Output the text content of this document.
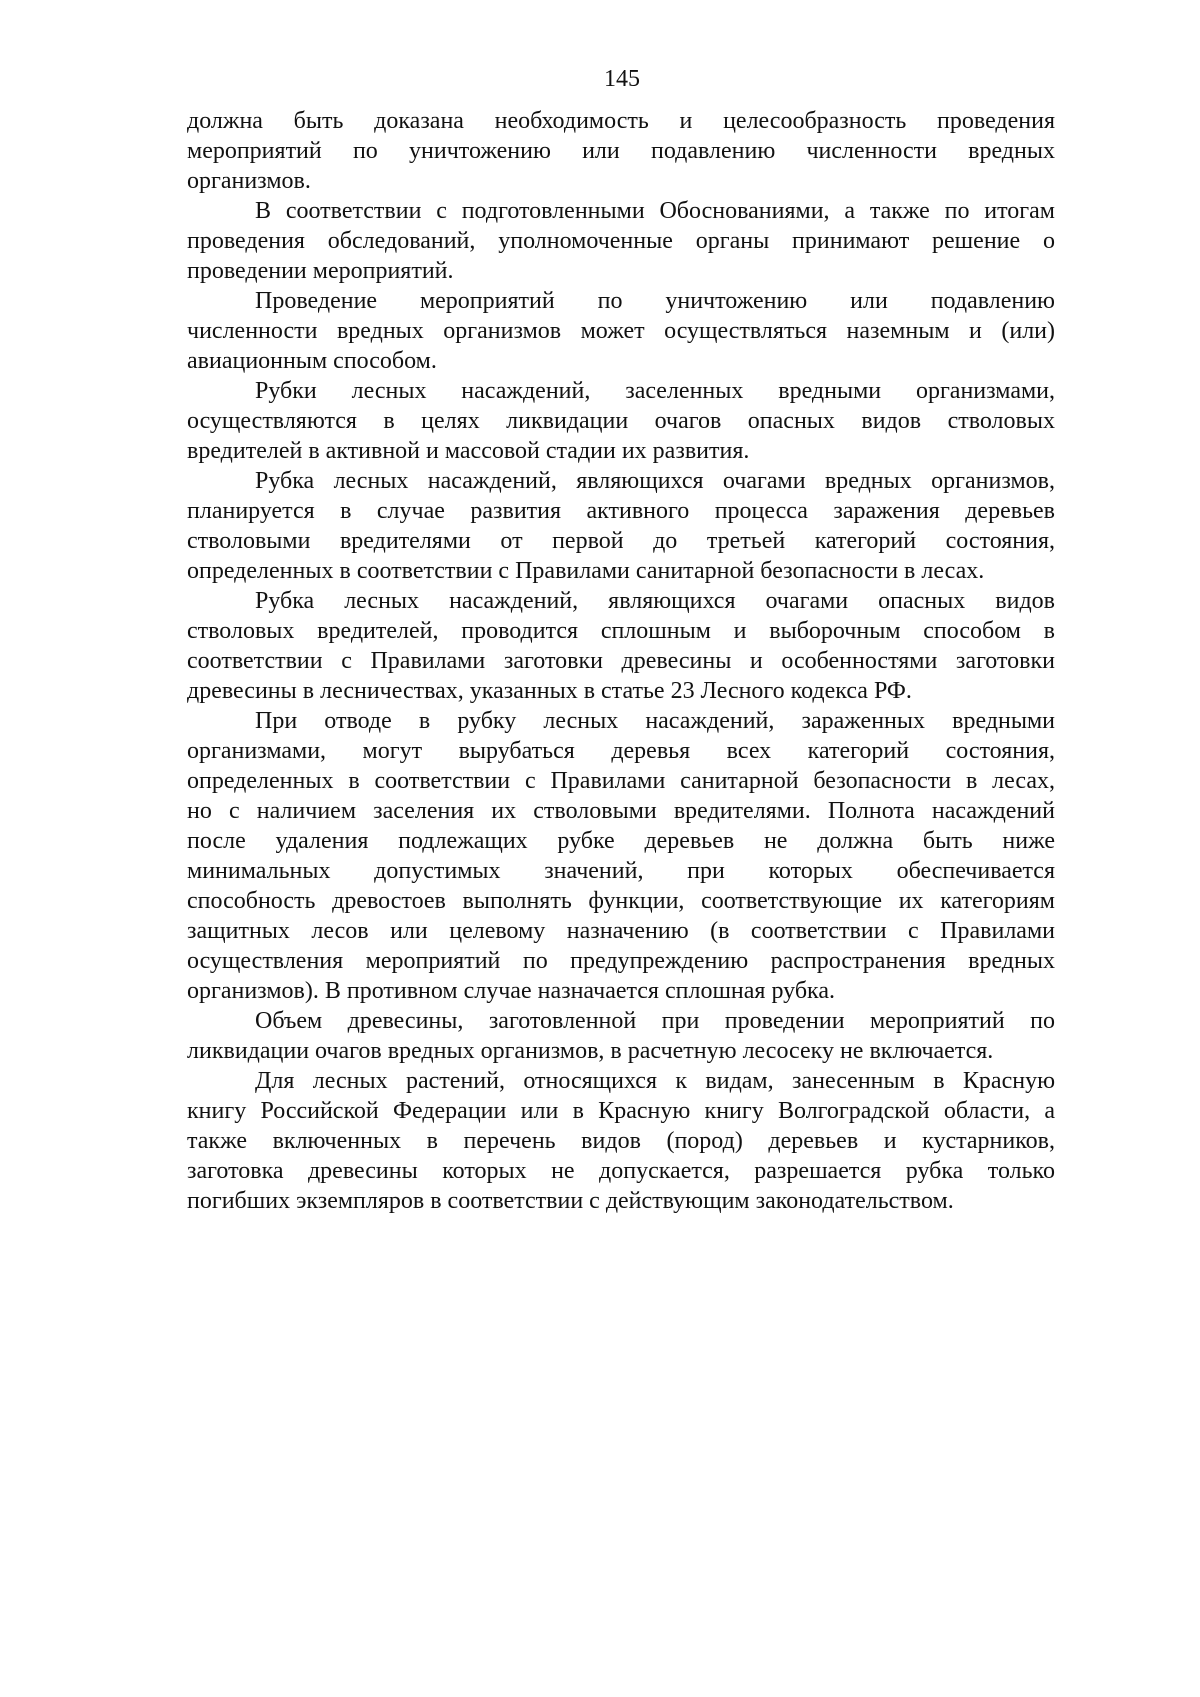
145
должна быть доказана необходимость и целесообразность проведения
мероприятий по уничтожению или подавлению численности вредных
организмов.
В соответствии с подготовленными Обоснованиями, а также по итогам
проведения обследований, уполномоченные органы принимают решение о
проведении мероприятий.
Проведение мероприятий по уничтожению или подавлению
численности вредных организмов может осуществляться наземным и (или)
авиационным способом.
Рубки лесных насаждений, заселенных вредными организмами,
осуществляются в целях ликвидации очагов опасных видов стволовых
вредителей в активной и массовой стадии их развития.
Рубка лесных насаждений, являющихся очагами вредных организмов,
планируется в случае развития активного процесса заражения деревьев
стволовыми вредителями от первой до третьей категорий состояния,
определенных в соответствии с Правилами санитарной безопасности в лесах.
Рубка лесных насаждений, являющихся очагами опасных видов
стволовых вредителей, проводится сплошным и выборочным способом в
соответствии с Правилами заготовки древесины и особенностями заготовки
древесины в лесничествах, указанных в статье 23 Лесного кодекса РФ.
При отводе в рубку лесных насаждений, зараженных вредными
организмами, могут вырубаться деревья всех категорий состояния,
определенных в соответствии с Правилами санитарной безопасности в лесах,
но с наличием заселения их стволовыми вредителями. Полнота насаждений
после удаления подлежащих рубке деревьев не должна быть ниже
минимальных допустимых значений, при которых обеспечивается
способность древостоев выполнять функции, соответствующие их категориям
защитных лесов или целевому назначению (в соответствии с Правилами
осуществления мероприятий по предупреждению распространения вредных
организмов). В противном случае назначается сплошная рубка.
Объем древесины, заготовленной при проведении мероприятий по
ликвидации очагов вредных организмов, в расчетную лесосеку не включается.
Для лесных растений, относящихся к видам, занесенным в Красную
книгу Российской Федерации или в Красную книгу Волгоградской области, а
также включенных в перечень видов (пород) деревьев и кустарников,
заготовка древесины которых не допускается, разрешается рубка только
погибших экземпляров в соответствии с действующим законодательством.
